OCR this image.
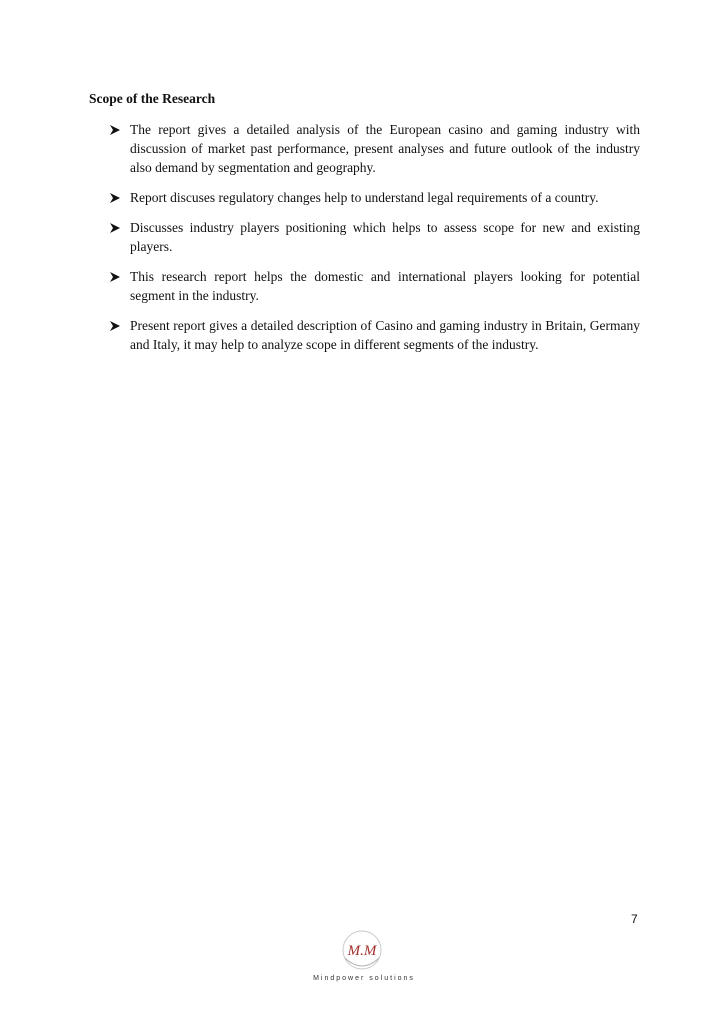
Scope of the Research
The report gives a detailed analysis of the European casino and gaming industry with discussion of market past performance, present analyses and future outlook of the industry also demand by segmentation and geography.
Report discuses regulatory changes help to understand legal requirements of a country.
Discusses industry players positioning which helps to assess scope for new and existing players.
This research report helps the domestic and international players looking for potential segment in the industry.
Present report gives a detailed description of Casino and gaming industry in Britain, Germany and Italy, it may help to analyze scope in different segments of the industry.
7
M.M
Mindpower solutions
